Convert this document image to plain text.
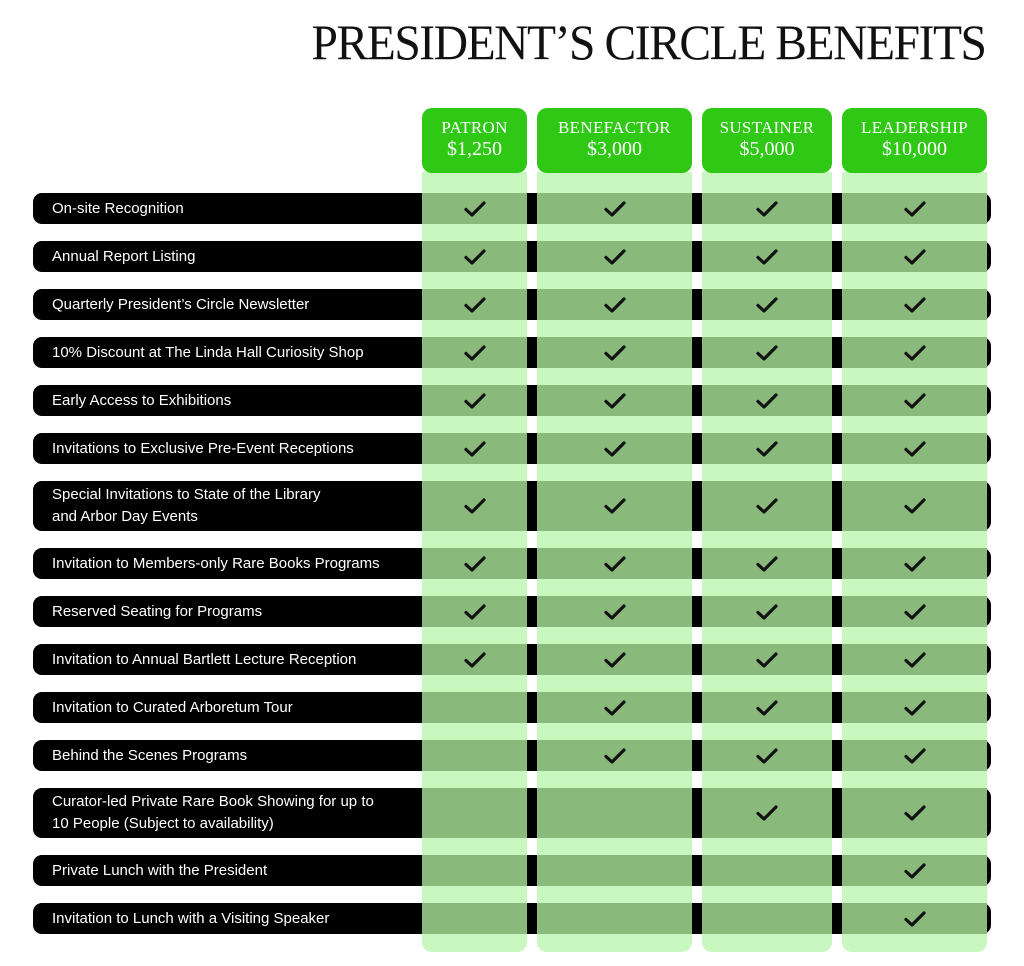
PRESIDENT’S CIRCLE BENEFITS
PATRON
$1,250
BENEFACTOR
$3,000
SUSTAINER
$5,000
LEADERSHIP
$10,000
On-site Recognition
Annual Report Listing
Quarterly President’s Circle Newsletter
10% Discount at The Linda Hall Curiosity Shop
Early Access to Exhibitions
Invitations to Exclusive Pre-Event Receptions
Special Invitations to State of the Library
and Arbor Day Events
Invitation to Members-only Rare Books Programs
Reserved Seating for Programs
Invitation to Annual Bartlett Lecture Reception
Invitation to Curated Arboretum Tour
Behind the Scenes Programs
Curator-led Private Rare Book Showing for up to
10 People (Subject to availability)
Private Lunch with the President
Invitation to Lunch with a Visiting Speaker
